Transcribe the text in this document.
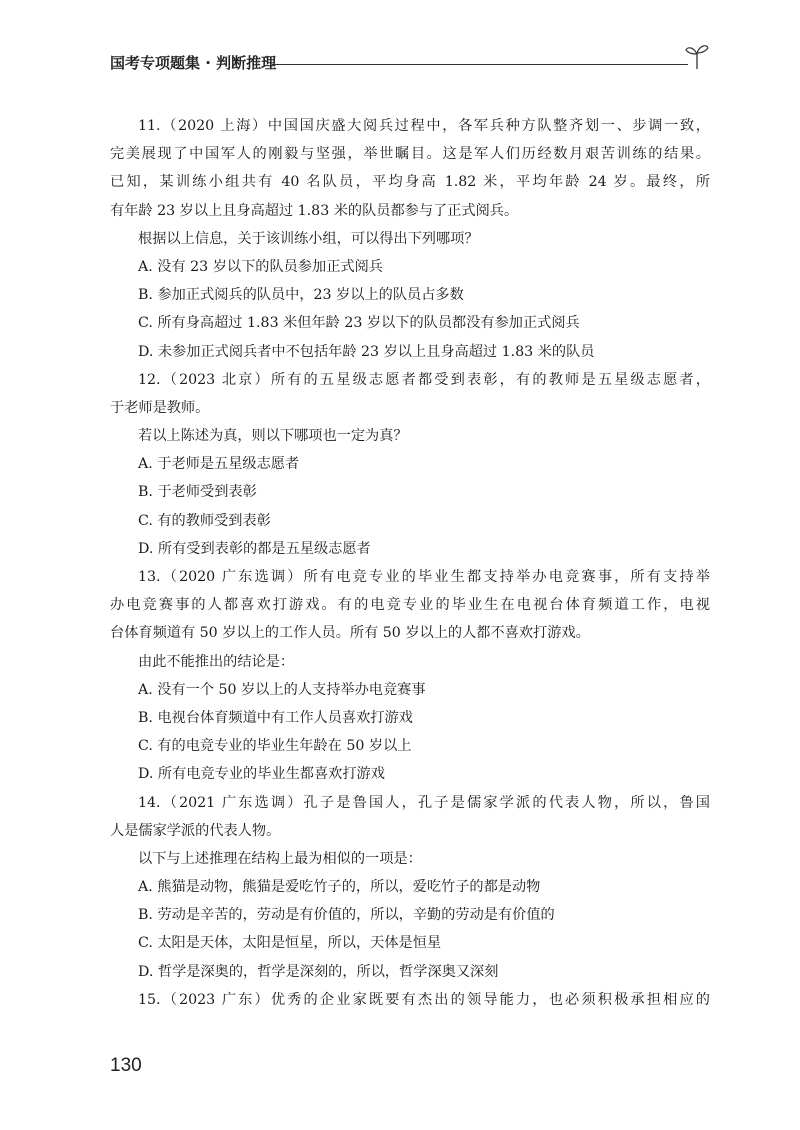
国考专项题集 · 判断推理
11.（2020 上海）中国国庆盛大阅兵过程中，各军兵种方队整齐划一、步调一致，
完美展现了中国军人的刚毅与坚强，举世瞩目。这是军人们历经数月艰苦训练的结果。
已知，某训练小组共有 40 名队员，平均身高 1.82 米，平均年龄 24 岁。最终，所
有年龄 23 岁以上且身高超过 1.83 米的队员都参与了正式阅兵。
根据以上信息，关于该训练小组，可以得出下列哪项？
A. 没有 23 岁以下的队员参加正式阅兵
B. 参加正式阅兵的队员中，23 岁以上的队员占多数
C. 所有身高超过 1.83 米但年龄 23 岁以下的队员都没有参加正式阅兵
D. 未参加正式阅兵者中不包括年龄 23 岁以上且身高超过 1.83 米的队员
12.（2023 北京）所有的五星级志愿者都受到表彰，有的教师是五星级志愿者，
于老师是教师。
若以上陈述为真，则以下哪项也一定为真？
A. 于老师是五星级志愿者
B. 于老师受到表彰
C. 有的教师受到表彰
D. 所有受到表彰的都是五星级志愿者
13.（2020 广东选调）所有电竞专业的毕业生都支持举办电竞赛事，所有支持举
办电竞赛事的人都喜欢打游戏。有的电竞专业的毕业生在电视台体育频道工作，电视
台体育频道有 50 岁以上的工作人员。所有 50 岁以上的人都不喜欢打游戏。
由此不能推出的结论是：
A. 没有一个 50 岁以上的人支持举办电竞赛事
B. 电视台体育频道中有工作人员喜欢打游戏
C. 有的电竞专业的毕业生年龄在 50 岁以上
D. 所有电竞专业的毕业生都喜欢打游戏
14.（2021 广东选调）孔子是鲁国人，孔子是儒家学派的代表人物，所以，鲁国
人是儒家学派的代表人物。
以下与上述推理在结构上最为相似的一项是：
A. 熊猫是动物，熊猫是爱吃竹子的，所以，爱吃竹子的都是动物
B. 劳动是辛苦的，劳动是有价值的，所以，辛勤的劳动是有价值的
C. 太阳是天体，太阳是恒星，所以，天体是恒星
D. 哲学是深奥的，哲学是深刻的，所以，哲学深奥又深刻
15.（2023 广东）优秀的企业家既要有杰出的领导能力，也必须积极承担相应的
130
